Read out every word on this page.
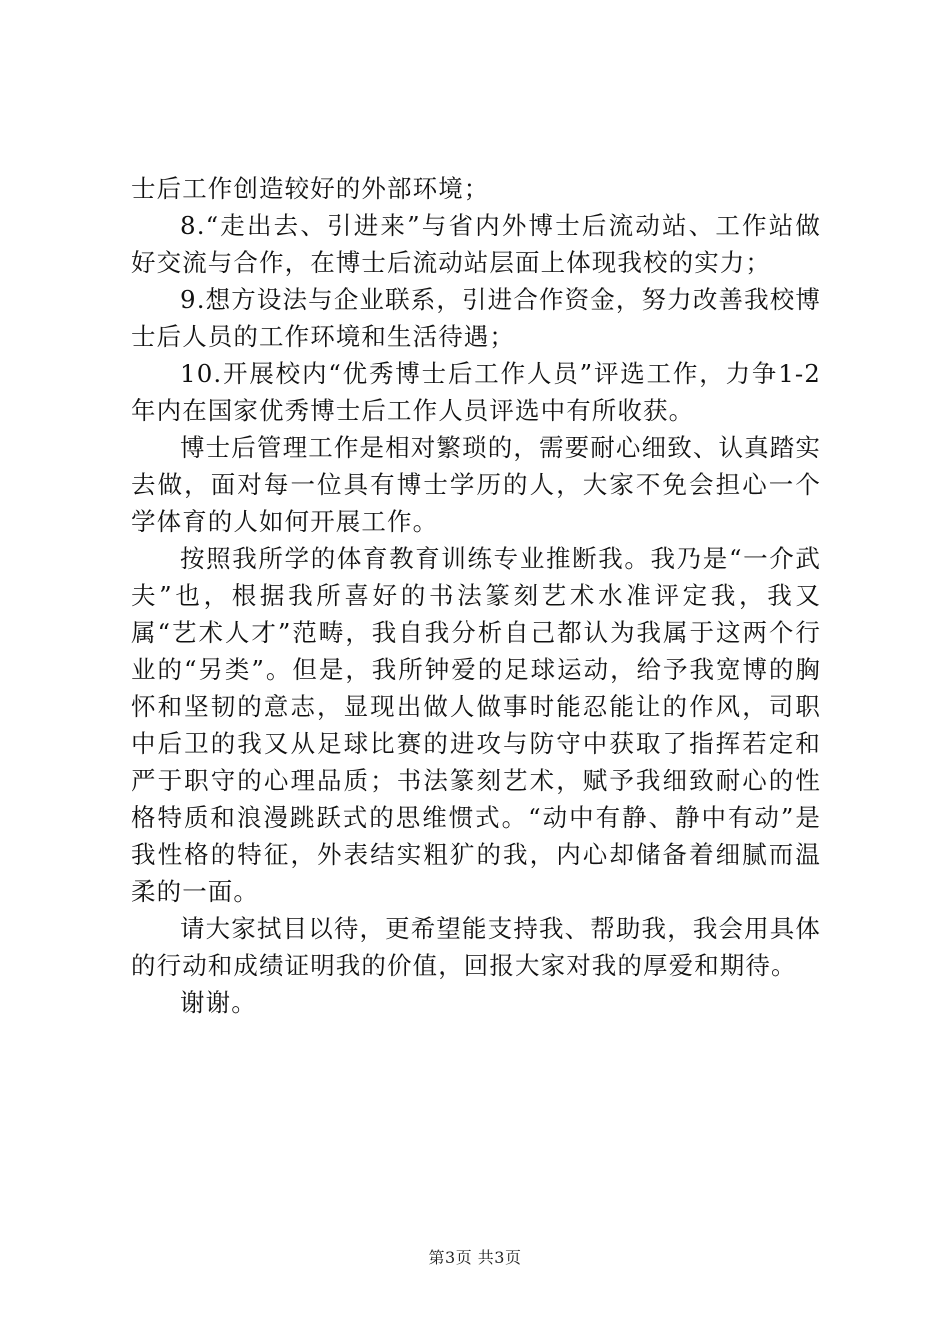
士后工作创造较好的外部环境；

8.“走出去、引进来”与省内外博士后流动站、工作站做好交流与合作，在博士后流动站层面上体现我校的实力；

9.想方设法与企业联系，引进合作资金，努力改善我校博士后人员的工作环境和生活待遇；

10.开展校内“优秀博士后工作人员”评选工作，力争1-2年内在国家优秀博士后工作人员评选中有所收获。

博士后管理工作是相对繁琐的，需要耐心细致、认真踏实去做，面对每一位具有博士学历的人，大家不免会担心一个学体育的人如何开展工作。

按照我所学的体育教育训练专业推断我。我乃是“一介武夫”也，根据我所喜好的书法篆刻艺术水准评定我，我又属“艺术人才”范畴，我自我分析自己都认为我属于这两个行业的“另类”。但是，我所钟爱的足球运动，给予我宽博的胸怀和坚韧的意志，显现出做人做事时能忍能让的作风，司职中后卫的我又从足球比赛的进攻与防守中获取了指挥若定和严于职守的心理品质；书法篆刻艺术，赋予我细致耐心的性格特质和浪漫跳跃式的思维惯式。“动中有静、静中有动”是我性格的特征，外表结实粗犷的我，内心却储备着细腻而温柔的一面。

请大家拭目以待，更希望能支持我、帮助我，我会用具体的行动和成绩证明我的价值，回报大家对我的厚爱和期待。

谢谢。

第3页 共3页
